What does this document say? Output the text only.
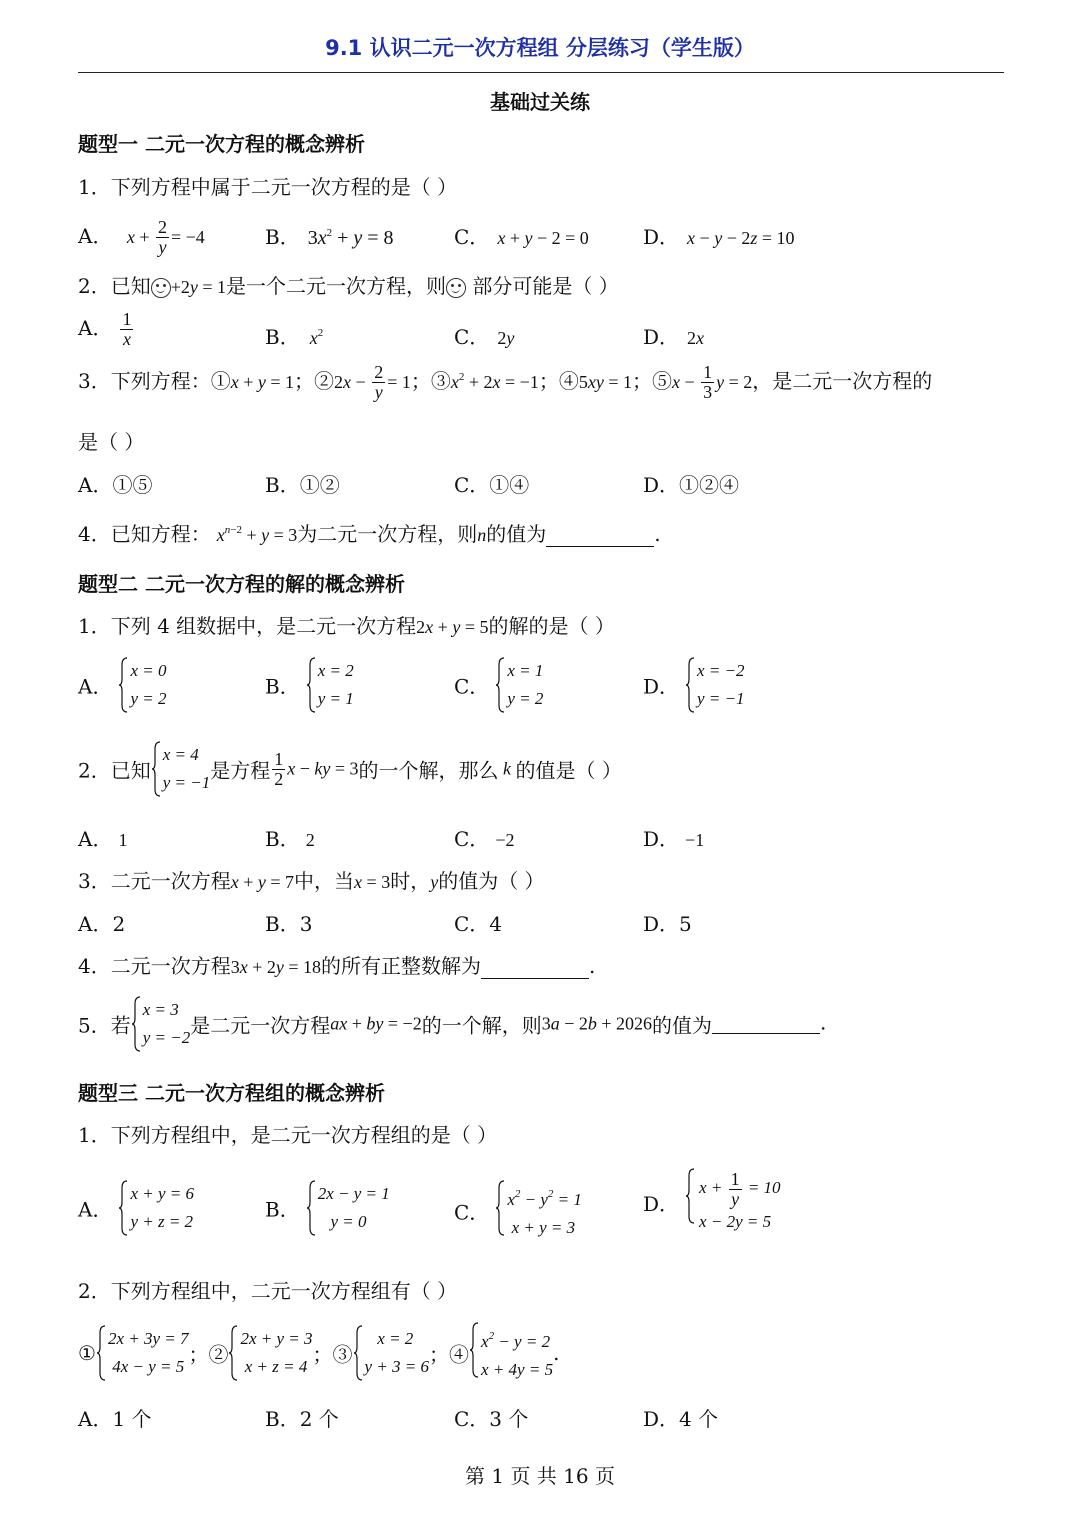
9.1 认识二元一次方程组 分层练习（学生版）
基础过关练
题型一 二元一次方程的概念辨析
1．下列方程中属于二元一次方程的是（ ）
A． $x + \frac{2}{y} = -4$	B． $3x^2 + y = 8$	C． x + y − 2 = 0	D． x − y − 2z = 10
2．已知 +2y = 1是一个二元一次方程，则 部分可能是（ ）
A． $\frac{1}{x}$	B． $x^2$	C． 2y	D． 2x
3．下列方程：①x + y = 1；②2x − $\frac{2}{y} = 1$；$③x^2 + 2x = -1$；④5xy = 1；⑤x − $\frac{1}{3}$ y = 2，是二元一次方程的
是（ ）
A．①⑤	B．①②	C．①④	D．①②④
4．已知方程： $x^{n-2} + y = 3$为二元一次方程，则n的值为	.
题型二 二元一次方程的解的概念辨析
1．下列 4 组数据中，是二元一次方程2x + y = 5的解的是（ ）
A．
x = 0
y = 2	B．
x = 2
y = 1	C．
x = 1
y = 2	D．
x = −2
y = −1
2．已知
x = 4
y = −1 是方程 $\frac{1}{2}$ x − ky = 3的一个解，那么 k 的值是（ ）
A． 1	B． 2	C． −2	D． −1
3．二元一次方程x + y = 7中，当x = 3时，y的值为（ ）
A．2	B．3	C．4	D．5
4．二元一次方程3x + 2y = 18的所有正整数解为	.
5．若
x = 3
y = −2 是二元一次方程ax + by = −2的一个解，则3a − 2b + 2026的值为	.
题型三 二元一次方程组的概念辨析
1．下列方程组中，是二元一次方程组的是（ ）
A．
x + y = 6
y + z = 2	B．
2x − y = 1
y = 0	C．
$x^2 - y^2 = 1$
x + y = 3
D．
$x + \frac{1}{y} = 10$
x − 2y = 5
2．下列方程组中，二元一次方程组有（ ）
①
2x + 3y = 7
4x − y = 5 ；②
2x + y = 3
x + z = 4 ；③
x = 2
y + 3 = 6 ；④
$x^2 - y = 2$
x + 4y = 5
.
A．1 个	B．2 个	C．3 个	D．4 个
第 1 页 共 16 页
